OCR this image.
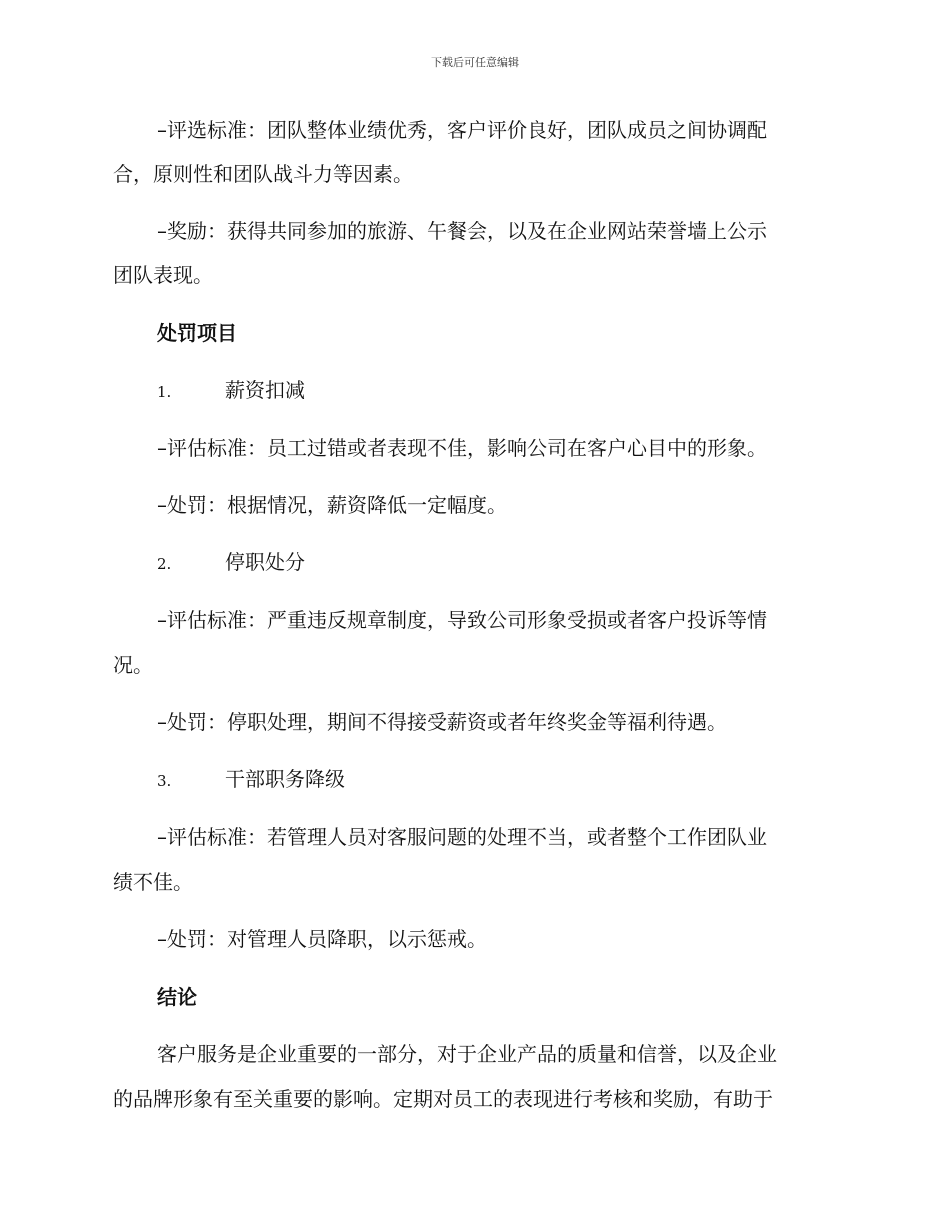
下载后可任意编辑
–评选标准：团队整体业绩优秀，客户评价良好，团队成员之间协调配
合，原则性和团队战斗力等因素。
–奖励：获得共同参加的旅游、午餐会，以及在企业网站荣誉墙上公示
团队表现。
处罚项目
1.	薪资扣减
–评估标准：员工过错或者表现不佳，影响公司在客户心目中的形象。
–处罚：根据情况，薪资降低一定幅度。
2.	停职处分
–评估标准：严重违反规章制度，导致公司形象受损或者客户投诉等情
况。
–处罚：停职处理，期间不得接受薪资或者年终奖金等福利待遇。
3.	干部职务降级
–评估标准：若管理人员对客服问题的处理不当，或者整个工作团队业
绩不佳。
–处罚：对管理人员降职，以示惩戒。
结论
客户服务是企业重要的一部分，对于企业产品的质量和信誉，以及企业
的品牌形象有至关重要的影响。定期对员工的表现进行考核和奖励，有助于
